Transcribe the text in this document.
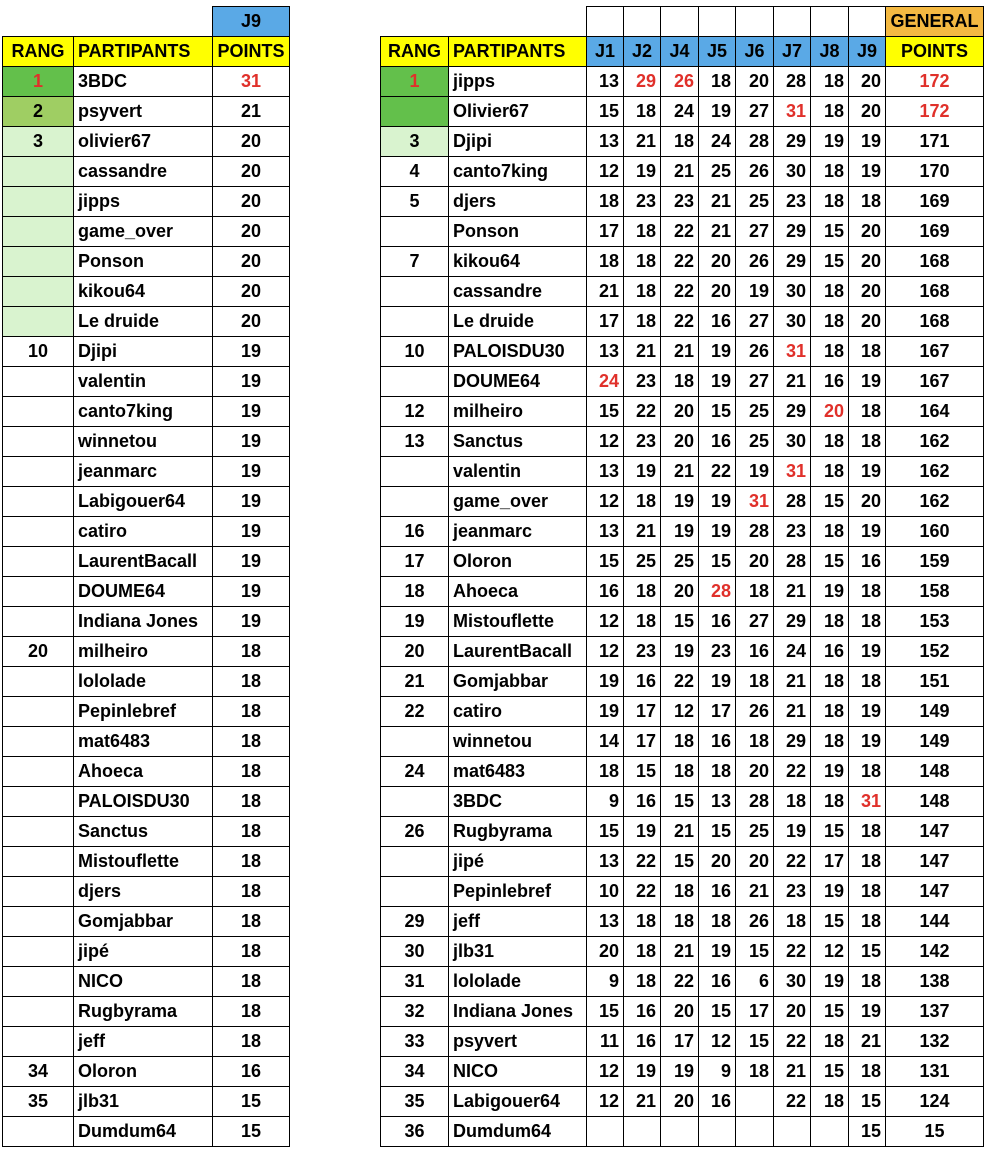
		J9
RANG	PARTIPANTS	POINTS
1	3BDC	31
2	psyvert	21
3	olivier67	20
	cassandre	20
	jipps	20
	game_over	20
	Ponson	20
	kikou64	20
	Le druide	20
10	Djipi	19
	valentin	19
	canto7king	19
	winnetou	19
	jeanmarc	19
	Labigouer64	19
	catiro	19
	LaurentBacall	19
	DOUME64	19
	Indiana Jones	19
20	milheiro	18
	lololade	18
	Pepinlebref	18
	mat6483	18
	Ahoeca	18
	PALOISDU30	18
	Sanctus	18
	Mistouflette	18
	djers	18
	Gomjabbar	18
	jipé	18
	NICO	18
	Rugbyrama	18
	jeff	18
34	Oloron	16
35	jlb31	15
	Dumdum64	15
										GENERAL
RANG	PARTIPANTS	J1	J2	J4	J5	J6	J7	J8	J9	POINTS
1	jipps	13	29	26	18	20	28	18	20	172
	Olivier67	15	18	24	19	27	31	18	20	172
3	Djipi	13	21	18	24	28	29	19	19	171
4	canto7king	12	19	21	25	26	30	18	19	170
5	djers	18	23	23	21	25	23	18	18	169
	Ponson	17	18	22	21	27	29	15	20	169
7	kikou64	18	18	22	20	26	29	15	20	168
	cassandre	21	18	22	20	19	30	18	20	168
	Le druide	17	18	22	16	27	30	18	20	168
10	PALOISDU30	13	21	21	19	26	31	18	18	167
	DOUME64	24	23	18	19	27	21	16	19	167
12	milheiro	15	22	20	15	25	29	20	18	164
13	Sanctus	12	23	20	16	25	30	18	18	162
	valentin	13	19	21	22	19	31	18	19	162
	game_over	12	18	19	19	31	28	15	20	162
16	jeanmarc	13	21	19	19	28	23	18	19	160
17	Oloron	15	25	25	15	20	28	15	16	159
18	Ahoeca	16	18	20	28	18	21	19	18	158
19	Mistouflette	12	18	15	16	27	29	18	18	153
20	LaurentBacall	12	23	19	23	16	24	16	19	152
21	Gomjabbar	19	16	22	19	18	21	18	18	151
22	catiro	19	17	12	17	26	21	18	19	149
	winnetou	14	17	18	16	18	29	18	19	149
24	mat6483	18	15	18	18	20	22	19	18	148
	3BDC	9	16	15	13	28	18	18	31	148
26	Rugbyrama	15	19	21	15	25	19	15	18	147
	jipé	13	22	15	20	20	22	17	18	147
	Pepinlebref	10	22	18	16	21	23	19	18	147
29	jeff	13	18	18	18	26	18	15	18	144
30	jlb31	20	18	21	19	15	22	12	15	142
31	lololade	9	18	22	16	6	30	19	18	138
32	Indiana Jones	15	16	20	15	17	20	15	19	137
33	psyvert	11	16	17	12	15	22	18	21	132
34	NICO	12	19	19	9	18	21	15	18	131
35	Labigouer64	12	21	20	16		22	18	15	124
36	Dumdum64								15	15
